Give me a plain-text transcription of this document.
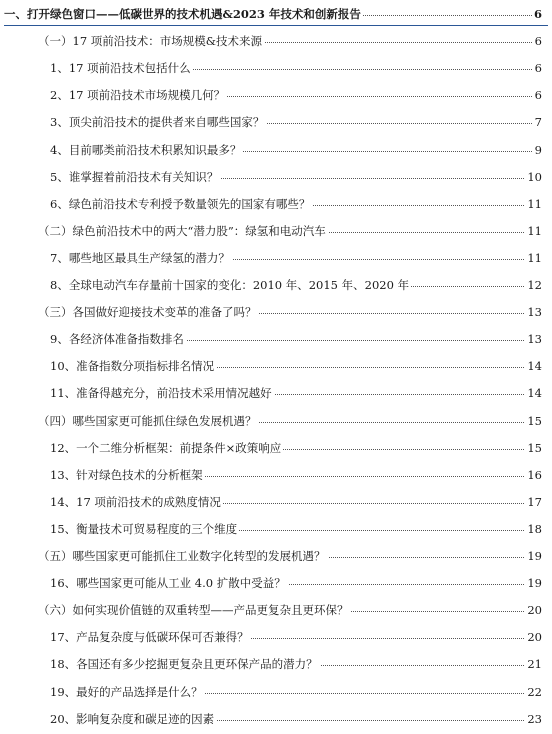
一、打开绿色窗口——低碳世界的技术机遇&2023 年技术和创新报告	6
（一）17 项前沿技术：市场规模&技术来源	6
1、17 项前沿技术包括什么	6
2、17 项前沿技术市场规模几何？	6
3、顶尖前沿技术的提供者来自哪些国家？	7
4、目前哪类前沿技术积累知识最多？	9
5、谁掌握着前沿技术有关知识？	10
6、绿色前沿技术专利授予数量领先的国家有哪些？	11
（二）绿色前沿技术中的两大“潜力股”：绿氢和电动汽车	11
7、哪些地区最具生产绿氢的潜力？	11
8、全球电动汽车存量前十国家的变化：2010 年、2015 年、2020 年	12
（三）各国做好迎接技术变革的准备了吗？	13
9、各经济体准备指数排名	13
10、准备指数分项指标排名情况	14
11、准备得越充分，前沿技术采用情况越好	14
（四）哪些国家更可能抓住绿色发展机遇？	15
12、一个二维分析框架：前提条件×政策响应	15
13、针对绿色技术的分析框架	16
14、17 项前沿技术的成熟度情况	17
15、衡量技术可贸易程度的三个维度	18
（五）哪些国家更可能抓住工业数字化转型的发展机遇？	19
16、哪些国家更可能从工业 4.0 扩散中受益？	19
（六）如何实现价值链的双重转型——产品更复杂且更环保？	20
17、产品复杂度与低碳环保可否兼得？	20
18、各国还有多少挖掘更复杂且更环保产品的潜力？	21
19、最好的产品选择是什么？	22
20、影响复杂度和碳足迹的因素	23
